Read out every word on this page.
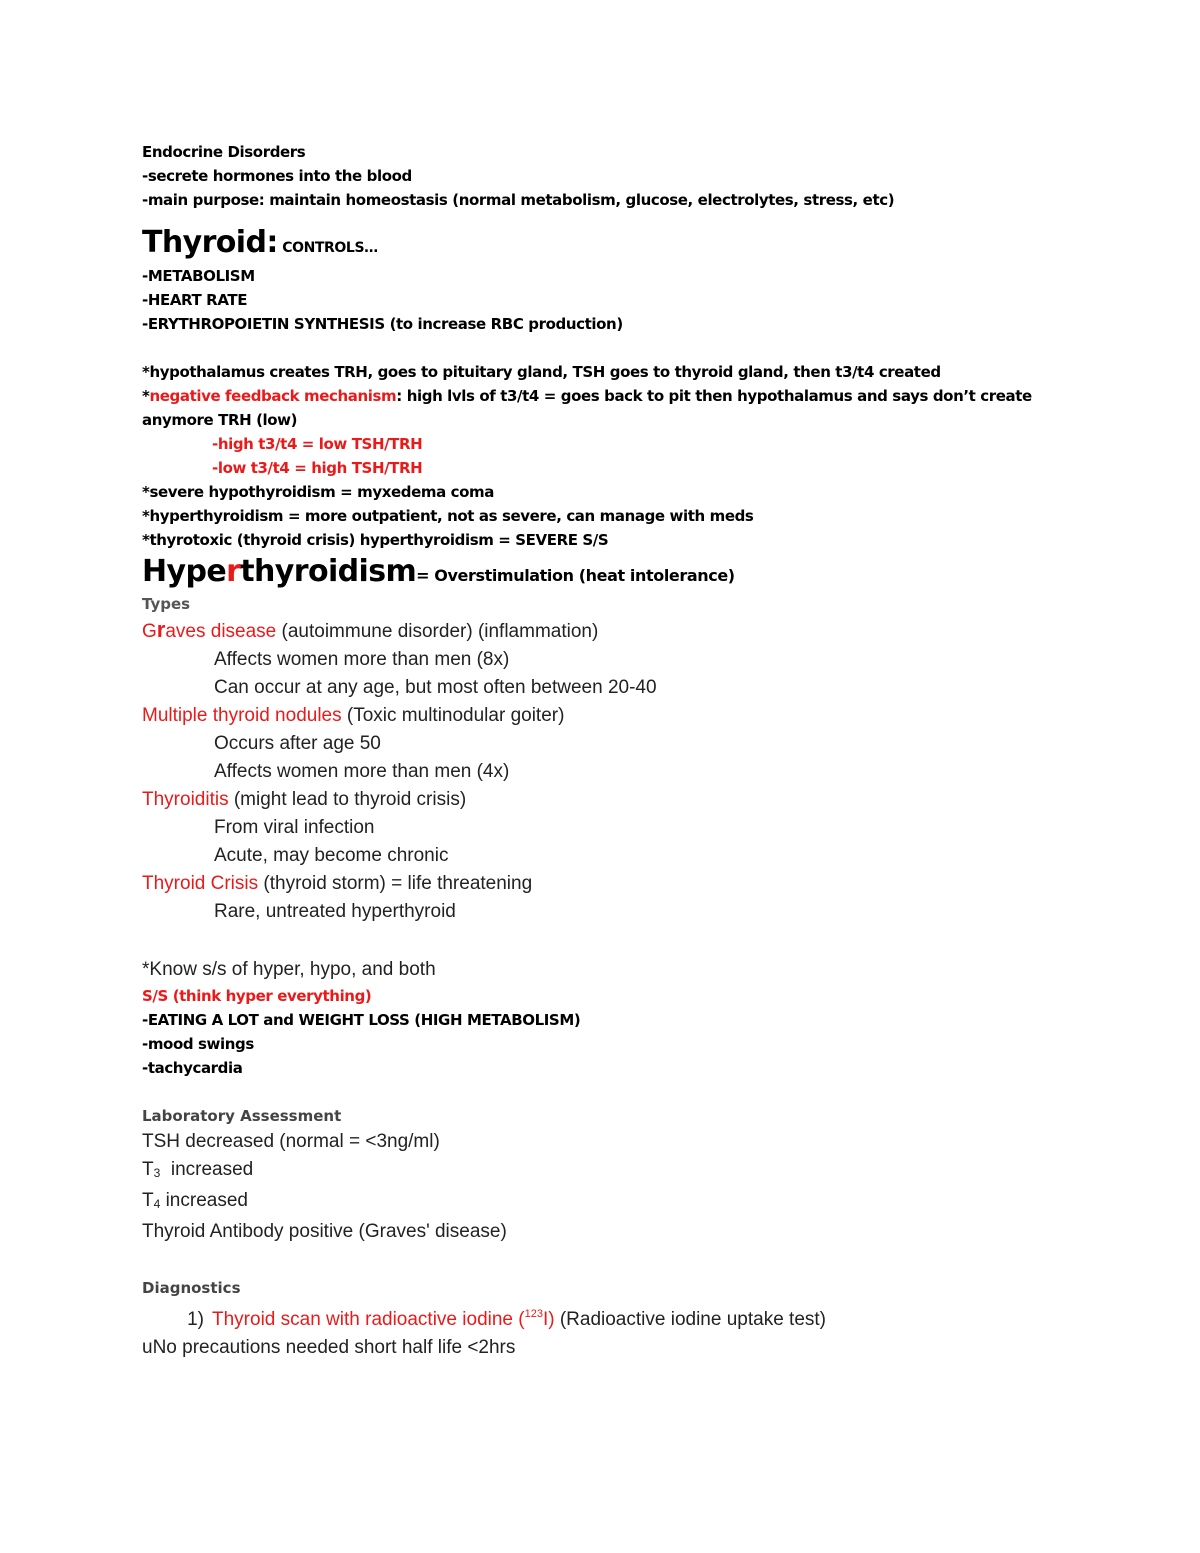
Endocrine Disorders
-secrete hormones into the blood
-main purpose: maintain homeostasis (normal metabolism, glucose, electrolytes, stress, etc)
Thyroid: CONTROLS…
-METABOLISM
-HEART RATE
-ERYTHROPOIETIN SYNTHESIS (to increase RBC production)
*hypothalamus creates TRH, goes to pituitary gland, TSH goes to thyroid gland, then t3/t4 created
*negative feedback mechanism: high lvls of t3/t4 = goes back to pit then hypothalamus and says don’t create anymore TRH (low)
-high t3/t4 = low TSH/TRH
-low t3/t4 = high TSH/TRH
*severe hypothyroidism = myxedema coma
*hyperthyroidism = more outpatient, not as severe, can manage with meds
*thyrotoxic (thyroid crisis) hyperthyroidism = SEVERE S/S
Hyperthyroidism= Overstimulation (heat intolerance)
Types
Graves disease (autoimmune disorder) (inflammation)
Affects women more than men (8x)
Can occur at any age, but most often between 20-40
Multiple thyroid nodules (Toxic multinodular goiter)
Occurs after age 50
Affects women more than men (4x)
Thyroiditis (might lead to thyroid crisis)
From viral infection
Acute, may become chronic
Thyroid Crisis (thyroid storm) = life threatening
Rare, untreated hyperthyroid
*Know s/s of hyper, hypo, and both
S/S (think hyper everything)
-EATING A LOT and WEIGHT LOSS (HIGH METABOLISM)
-mood swings
-tachycardia
Laboratory Assessment
TSH decreased (normal = <3ng/ml)
$T_3$  increased
$T_4$ increased
Thyroid Antibody positive (Graves' disease)
Diagnostics
1) Thyroid scan with radioactive iodine ($^{123}$I) (Radioactive iodine uptake test)
uNo precautions needed short half life <2hrs
